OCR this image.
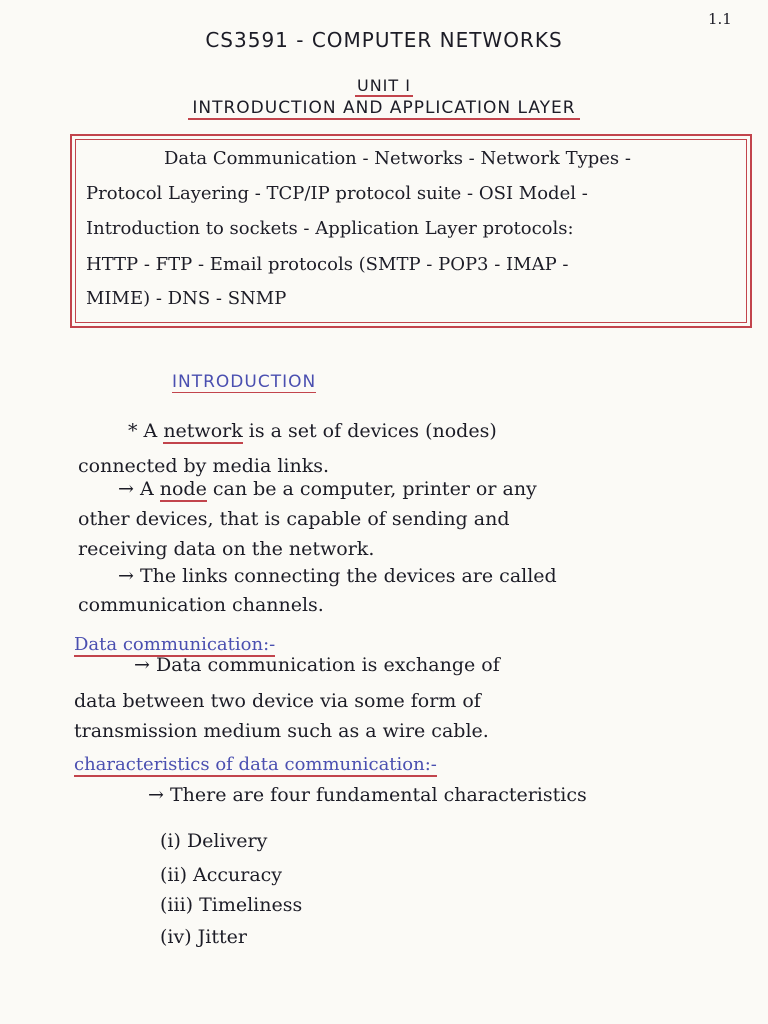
1.1
CS3591 - COMPUTER NETWORKS
UNIT I
INTRODUCTION AND APPLICATION LAYER

Data Communication - Networks - Network Types -

Protocol Layering - TCP/IP protocol suite - OSI Model -

Introduction to sockets - Application Layer protocols:

HTTP - FTP - Email protocols (SMTP - POP3 - IMAP -

MIME) - DNS - SNMP

INTRODUCTION

* A network is a set of devices (nodes)

connected by media links.

→ A node can be a computer, printer or any

other devices, that is capable of sending and

receiving data on the network.

→ The links connecting the devices are called

communication channels.

Data communication:-

→ Data communication is exchange of

data between two device via some form of

transmission medium such as a wire cable.

characteristics of data communication:-

→ There are four fundamental characteristics

(i) Delivery

(ii) Accuracy

(iii) Timeliness

(iv) Jitter
